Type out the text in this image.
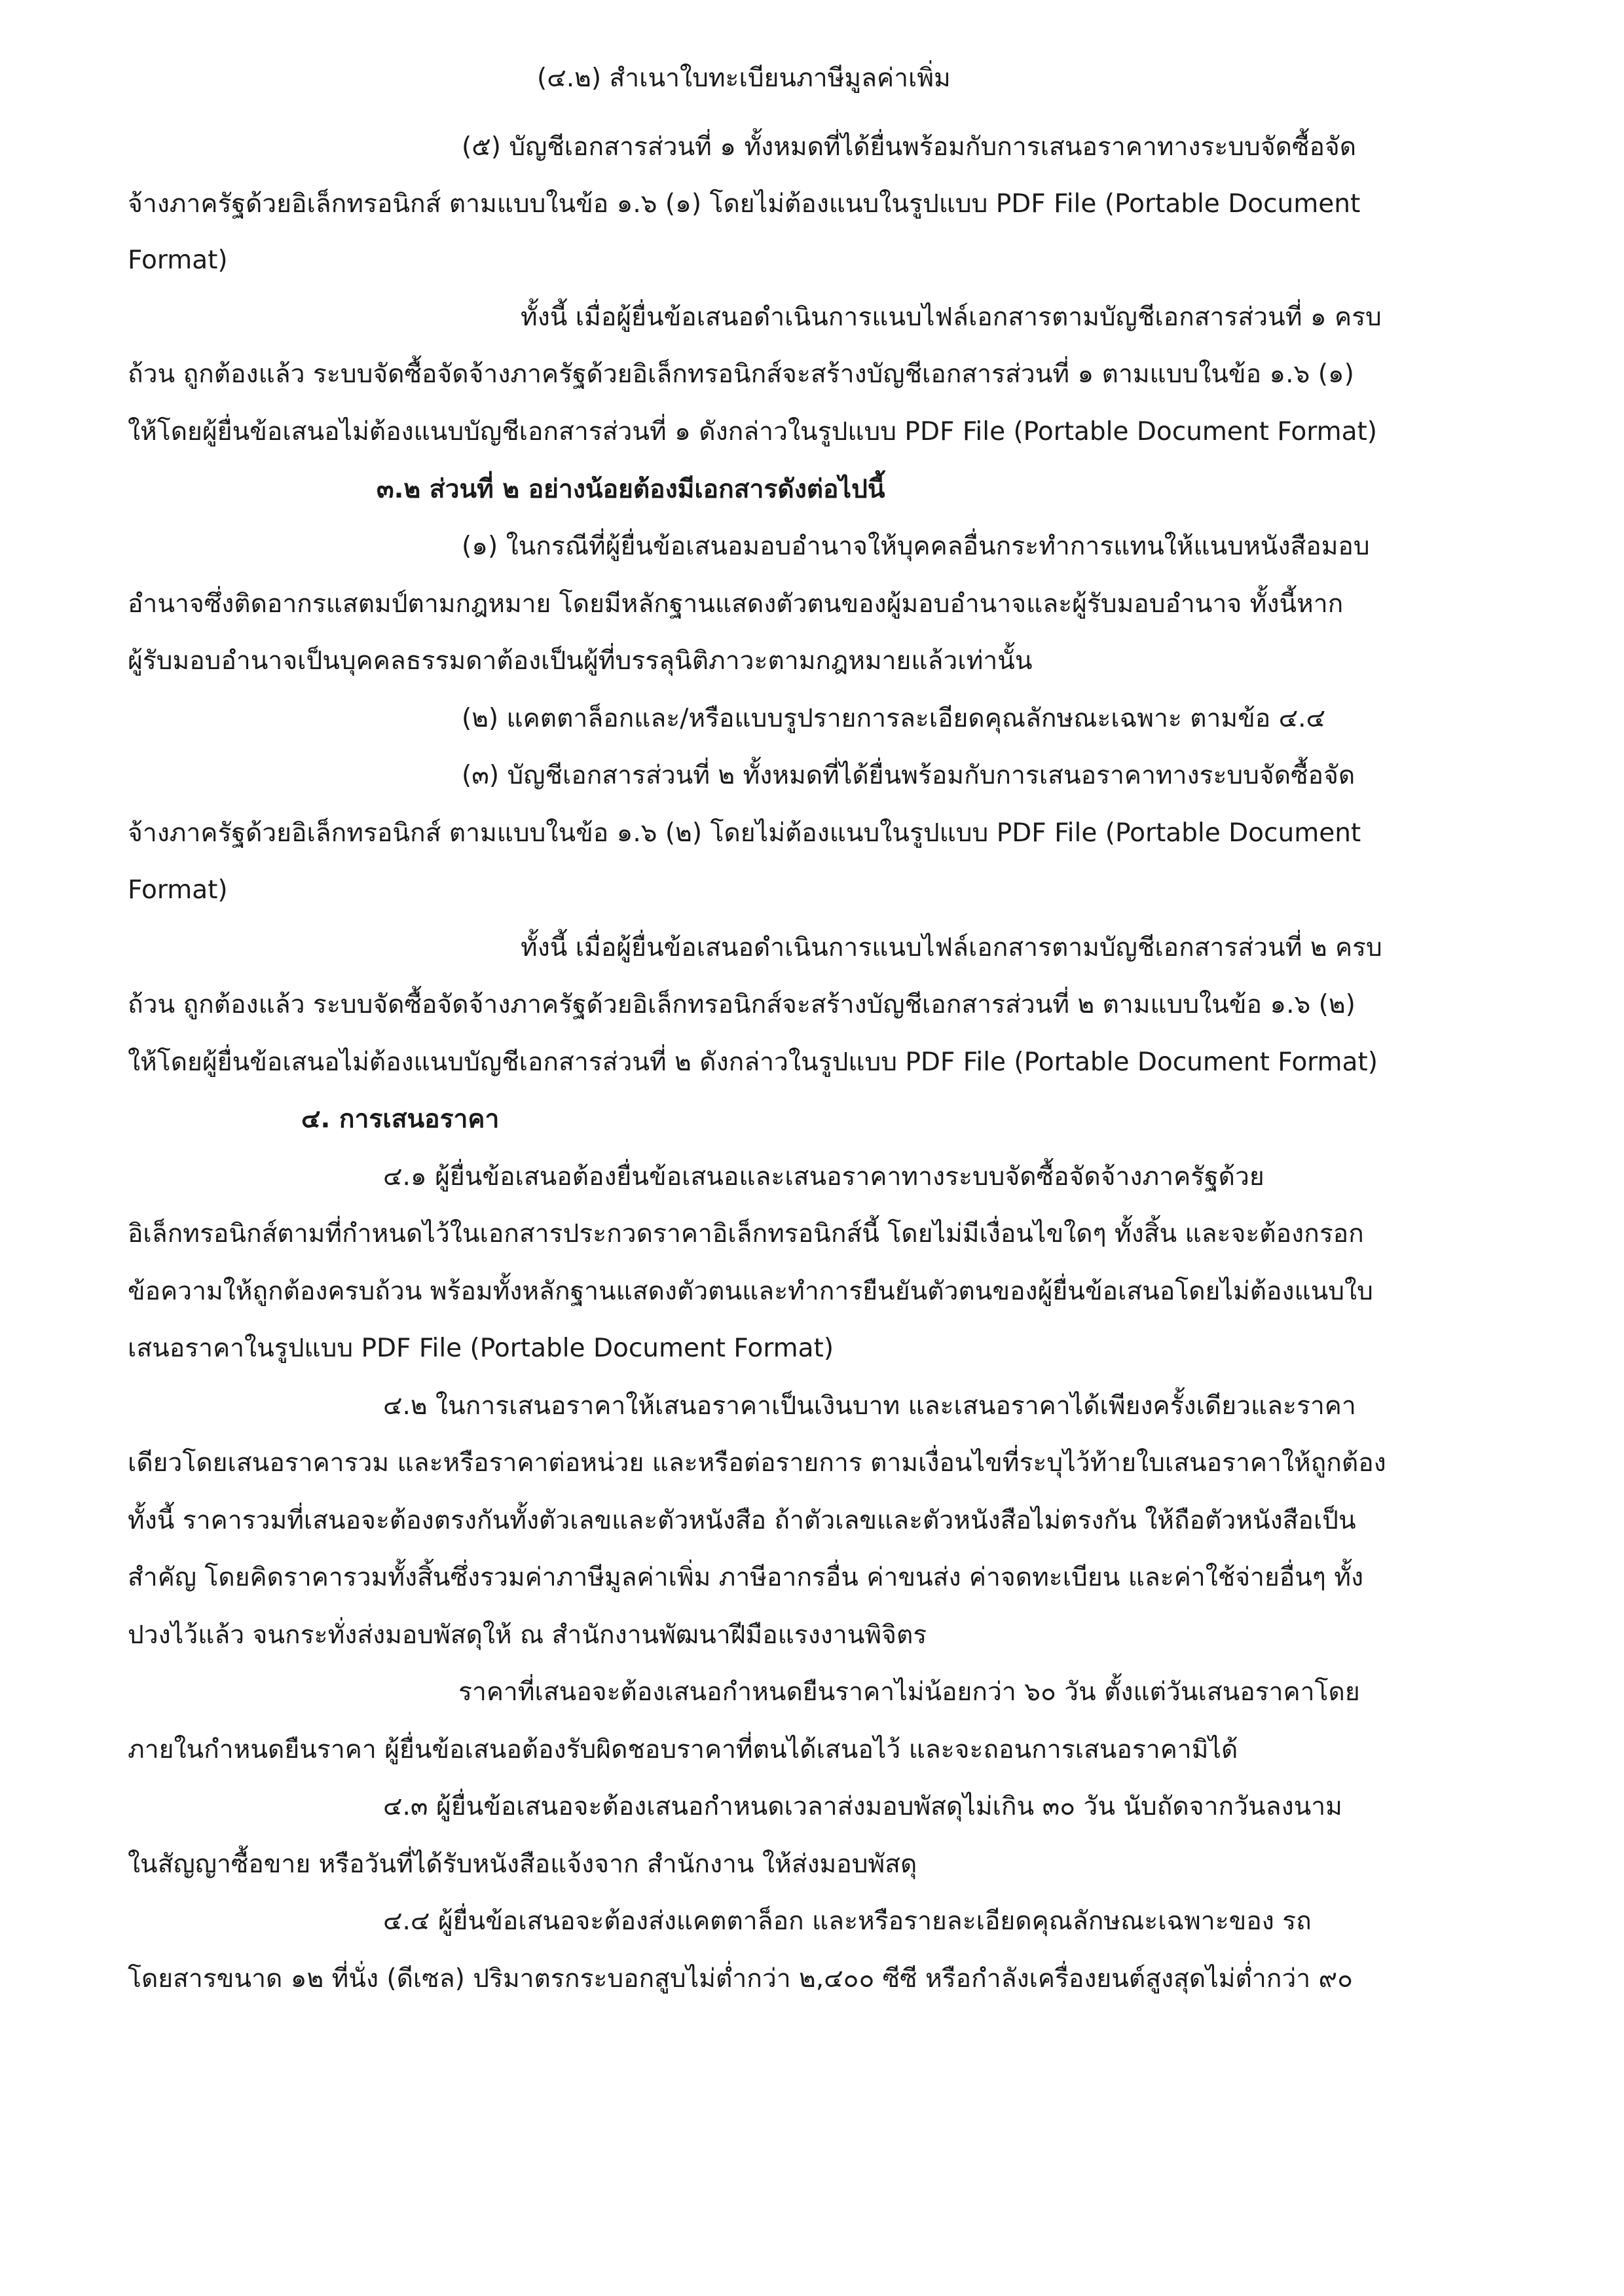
(๔.๒) สำเนาใบทะเบียนภาษีมูลค่าเพิ่ม

(๕) บัญชีเอกสารส่วนที่ ๑ ทั้งหมดที่ได้ยื่นพร้อมกับการเสนอราคาทางระบบจัดซื้อจัด

จ้างภาครัฐด้วยอิเล็กทรอนิกส์ ตามแบบในข้อ ๑.๖ (๑) โดยไม่ต้องแนบในรูปแบบ PDF File (Portable Document

Format)

ทั้งนี้ เมื่อผู้ยื่นข้อเสนอดำเนินการแนบไฟล์เอกสารตามบัญชีเอกสารส่วนที่ ๑ ครบ

ถ้วน ถูกต้องแล้ว ระบบจัดซื้อจัดจ้างภาครัฐด้วยอิเล็กทรอนิกส์จะสร้างบัญชีเอกสารส่วนที่ ๑ ตามแบบในข้อ ๑.๖ (๑)

ให้โดยผู้ยื่นข้อเสนอไม่ต้องแนบบัญชีเอกสารส่วนที่ ๑ ดังกล่าวในรูปแบบ PDF File (Portable Document Format)

๓.๒ ส่วนที่ ๒ อย่างน้อยต้องมีเอกสารดังต่อไปนี้

(๑) ในกรณีที่ผู้ยื่นข้อเสนอมอบอำนาจให้บุคคลอื่นกระทำการแทนให้แนบหนังสือมอบ

อำนาจซึ่งติดอากรแสตมป์ตามกฎหมาย โดยมีหลักฐานแสดงตัวตนของผู้มอบอำนาจและผู้รับมอบอำนาจ ทั้งนี้หาก

ผู้รับมอบอำนาจเป็นบุคคลธรรมดาต้องเป็นผู้ที่บรรลุนิติภาวะตามกฎหมายแล้วเท่านั้น

(๒) แคตตาล็อกและ/หรือแบบรูปรายการละเอียดคุณลักษณะเฉพาะ ตามข้อ ๔.๔

(๓) บัญชีเอกสารส่วนที่ ๒ ทั้งหมดที่ได้ยื่นพร้อมกับการเสนอราคาทางระบบจัดซื้อจัด

จ้างภาครัฐด้วยอิเล็กทรอนิกส์ ตามแบบในข้อ ๑.๖ (๒) โดยไม่ต้องแนบในรูปแบบ PDF File (Portable Document

Format)

ทั้งนี้ เมื่อผู้ยื่นข้อเสนอดำเนินการแนบไฟล์เอกสารตามบัญชีเอกสารส่วนที่ ๒ ครบ

ถ้วน ถูกต้องแล้ว ระบบจัดซื้อจัดจ้างภาครัฐด้วยอิเล็กทรอนิกส์จะสร้างบัญชีเอกสารส่วนที่ ๒ ตามแบบในข้อ ๑.๖ (๒)

ให้โดยผู้ยื่นข้อเสนอไม่ต้องแนบบัญชีเอกสารส่วนที่ ๒ ดังกล่าวในรูปแบบ PDF File (Portable Document Format)

๔. การเสนอราคา

๔.๑ ผู้ยื่นข้อเสนอต้องยื่นข้อเสนอและเสนอราคาทางระบบจัดซื้อจัดจ้างภาครัฐด้วย

อิเล็กทรอนิกส์ตามที่กำหนดไว้ในเอกสารประกวดราคาอิเล็กทรอนิกส์นี้ โดยไม่มีเงื่อนไขใดๆ ทั้งสิ้น และจะต้องกรอก

ข้อความให้ถูกต้องครบถ้วน พร้อมทั้งหลักฐานแสดงตัวตนและทำการยืนยันตัวตนของผู้ยื่นข้อเสนอโดยไม่ต้องแนบใบ

เสนอราคาในรูปแบบ PDF File (Portable Document Format)

๔.๒ ในการเสนอราคาให้เสนอราคาเป็นเงินบาท และเสนอราคาได้เพียงครั้งเดียวและราคา

เดียวโดยเสนอราคารวม และหรือราคาต่อหน่วย และหรือต่อรายการ ตามเงื่อนไขที่ระบุไว้ท้ายใบเสนอราคาให้ถูกต้อง

ทั้งนี้ ราคารวมที่เสนอจะต้องตรงกันทั้งตัวเลขและตัวหนังสือ ถ้าตัวเลขและตัวหนังสือไม่ตรงกัน ให้ถือตัวหนังสือเป็น

สำคัญ โดยคิดราคารวมทั้งสิ้นซึ่งรวมค่าภาษีมูลค่าเพิ่ม ภาษีอากรอื่น ค่าขนส่ง ค่าจดทะเบียน และค่าใช้จ่ายอื่นๆ ทั้ง

ปวงไว้แล้ว จนกระทั่งส่งมอบพัสดุให้ ณ สำนักงานพัฒนาฝีมือแรงงานพิจิตร

ราคาที่เสนอจะต้องเสนอกำหนดยืนราคาไม่น้อยกว่า ๖๐ วัน ตั้งแต่วันเสนอราคาโดย

ภายในกำหนดยืนราคา ผู้ยื่นข้อเสนอต้องรับผิดชอบราคาที่ตนได้เสนอไว้ และจะถอนการเสนอราคามิได้

๔.๓ ผู้ยื่นข้อเสนอจะต้องเสนอกำหนดเวลาส่งมอบพัสดุไม่เกิน ๓๐ วัน นับถัดจากวันลงนาม

ในสัญญาซื้อขาย หรือวันที่ได้รับหนังสือแจ้งจาก สำนักงาน ให้ส่งมอบพัสดุ

๔.๔ ผู้ยื่นข้อเสนอจะต้องส่งแคตตาล็อก และหรือรายละเอียดคุณลักษณะเฉพาะของ รถ

โดยสารขนาด ๑๒ ที่นั่ง (ดีเซล) ปริมาตรกระบอกสูบไม่ต่ำกว่า ๒,๔๐๐ ซีซี หรือกำลังเครื่องยนต์สูงสุดไม่ต่ำกว่า ๙๐
